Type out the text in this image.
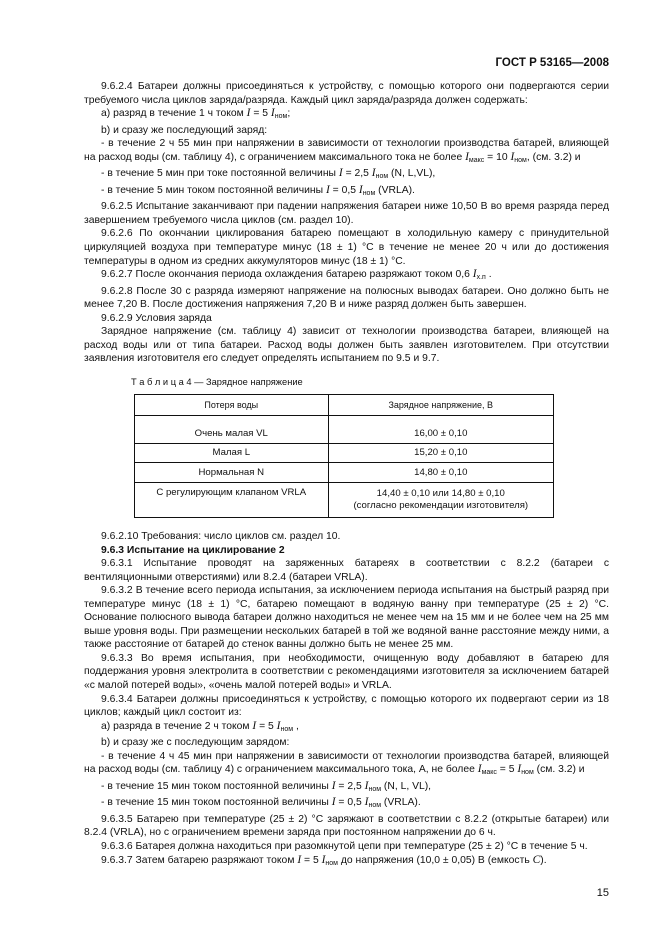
ГОСТ Р 53165—2008

9.6.2.4 Батареи должны присоединяться к устройству, с помощью которого они подвергаются серии требуемого числа циклов заряда/разряда. Каждый цикл заряда/разряда должен содержать:

а) разряд в течение 1 ч током I = 5 $I_{ном}$;

b) и сразу же последующий заряд:

- в течение 2 ч 55 мин при напряжении в зависимости от технологии производства батарей, влияющей на расход воды (см. таблицу 4), с ограничением максимального тока не более $I_{макс} = 10$ $I_{ном}$, (см. 3.2) и

- в течение 5 мин при токе постоянной величины I = 2,5 $I_{ном}$ (N, L,VL),

- в течение 5 мин током постоянной величины I = 0,5 $I_{ном}$ (VRLA).

9.6.2.5 Испытание заканчивают при падении напряжения батареи ниже 10,50 В во время разряда перед завершением требуемого числа циклов (см. раздел 10).

9.6.2.6 По окончании циклирования батарею помещают в холодильную камеру с принудительной циркуляцией воздуха при температуре минус (18 ± 1) °С в течение не менее 20 ч или до достижения температуры в одном из средних аккумуляторов минус (18 ± 1) °С.

9.6.2.7 После окончания периода охлаждения батарею разряжают током 0,6 $I_{х.п}$ .

9.6.2.8 После 30 с разряда измеряют напряжение на полюсных выводах батареи. Оно должно быть не менее 7,20 В. После достижения напряжения 7,20 В и ниже разряд должен быть завершен.

9.6.2.9 Условия заряда

Зарядное напряжение (см. таблицу 4) зависит от технологии производства батареи, влияющей на расход воды или от типа батареи. Расход воды должен быть заявлен изготовителем. При отсутствии заявления изготовителя его следует определять испытанием по 9.5 и 9.7.

Т а б л и ц а 4 — Зарядное напряжение
Потеря воды	Зарядное напряжение, В

Очень малая VL	16,00 ± 0,10
Малая L	15,20 ± 0,10
Нормальная N	14,80 ± 0,10
С регулирующим клапаном VRLA	14,40 ± 0,10 или 14,80 ± 0,10
(согласно рекомендации изготовителя)

9.6.2.10 Требования: число циклов см. раздел 10.

9.6.3 Испытание на циклирование 2

9.6.3.1 Испытание проводят на заряженных батареях в соответствии с 8.2.2 (батареи с вентиляционными отверстиями) или 8.2.4 (батареи VRLA).

9.6.3.2 В течение всего периода испытания, за исключением периода испытания на быстрый разряд при температуре минус (18 ± 1) °С, батарею помещают в водяную ванну при температуре (25 ± 2) °С. Основание полюсного вывода батареи должно находиться не менее чем на 15 мм и не более чем на 25 мм выше уровня воды. При размещении нескольких батарей в той же водяной ванне расстояние между ними, а также расстояние от батарей до стенок ванны должно быть не менее 25 мм.

9.6.3.3 Во время испытания, при необходимости, очищенную воду добавляют в батарею для поддержания уровня электролита в соответствии с рекомендациями изготовителя за исключением батарей «с малой потерей воды», «очень малой потерей воды» и VRLA.

9.6.3.4 Батареи должны присоединяться к устройству, с помощью которого их подвергают серии из 18 циклов; каждый цикл состоит из:

а) разряда в течение 2 ч током I = 5 $I_{ном}$ ,

b) и сразу же с последующим зарядом:

- в течение 4 ч 45 мин при напряжении в зависимости от технологии производства батарей, влияющей на расход воды (см. таблицу 4) с ограничением максимального тока, А, не более $I_{макс} = 5$ $I_{ном}$ (см. 3.2) и

- в течение 15 мин током постоянной величины I = 2,5 $I_{ном}$ (N, L, VL),

- в течение 15 мин током постоянной величины I = 0,5 $I_{ном}$ (VRLA).

9.6.3.5 Батарею при температуре (25 ± 2) °С заряжают в соответствии с 8.2.2 (открытые батареи) или 8.2.4 (VRLA), но с ограничением времени заряда при постоянном напряжении до 6 ч.

9.6.3.6 Батарея должна находиться при разомкнутой цепи при температуре (25 ± 2) °С в течение 5 ч.

9.6.3.7 Затем батарею разряжают током I = 5 $I_{ном}$ до напряжения (10,0 ± 0,05) В (емкость С).

15
